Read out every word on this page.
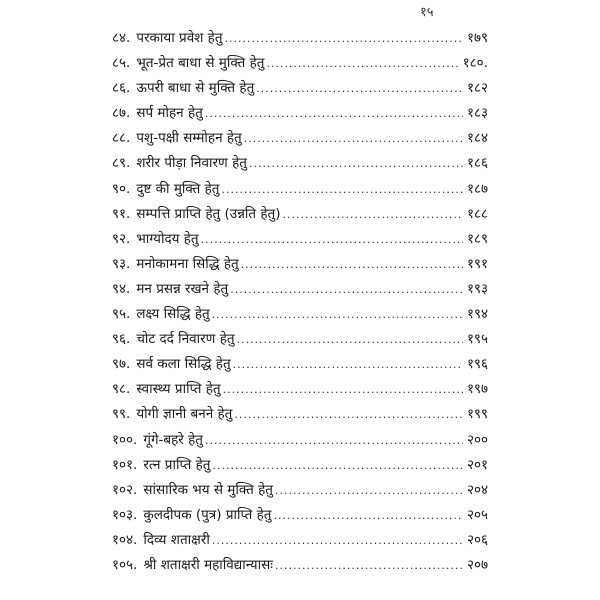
१५
८४. परकाया प्रवेश हेतु .....	१७९
८५. भूत-प्रेत बाधा से मुक्ति हेतु .....	१८०.
८६. ऊपरी बाधा से मुक्ति हेतु .....	१८२
८७. सर्प मोहन हेतु .....	१८३
८८. पशु-पक्षी सम्मोहन हेतु .....	१८४
८९. शरीर पीड़ा निवारण हेतु .....	१८६
९०. दुष्ट की मुक्ति हेतु .....	१८७
९१. सम्पत्ति प्राप्ति हेतु (उन्नति हेतु) .....	१८८
९२. भाग्योदय हेतु .....	१८९
९३. मनोकामना सिद्धि हेतु .....	१९१
९४. मन प्रसन्न रखने हेतु .....	१९३
९५. लक्ष्य सिद्धि हेतु .....	१९४
९६. चोट दर्द निवारण हेतु .....	१९५
९७. सर्व कला सिद्धि हेतु .....	१९६
९८. स्वास्थ्य प्राप्ति हेतु .....	१९७
९९. योगी ज्ञानी बनने हेतु .....	१९९
१००. गूंगे-बहरे हेतु .....	२००
१०१. रत्न प्राप्ति हेतु .....	२०१
१०२. सांसारिक भय से मुक्ति हेतु .....	२०४
१०३. कुलदीपक (पुत्र) प्राप्ति हेतु .....	२०५
१०४. दिव्य शताक्षरी .....	२०६
१०५. श्री शताक्षरी महाविद्यान्यासः .....	२०७
